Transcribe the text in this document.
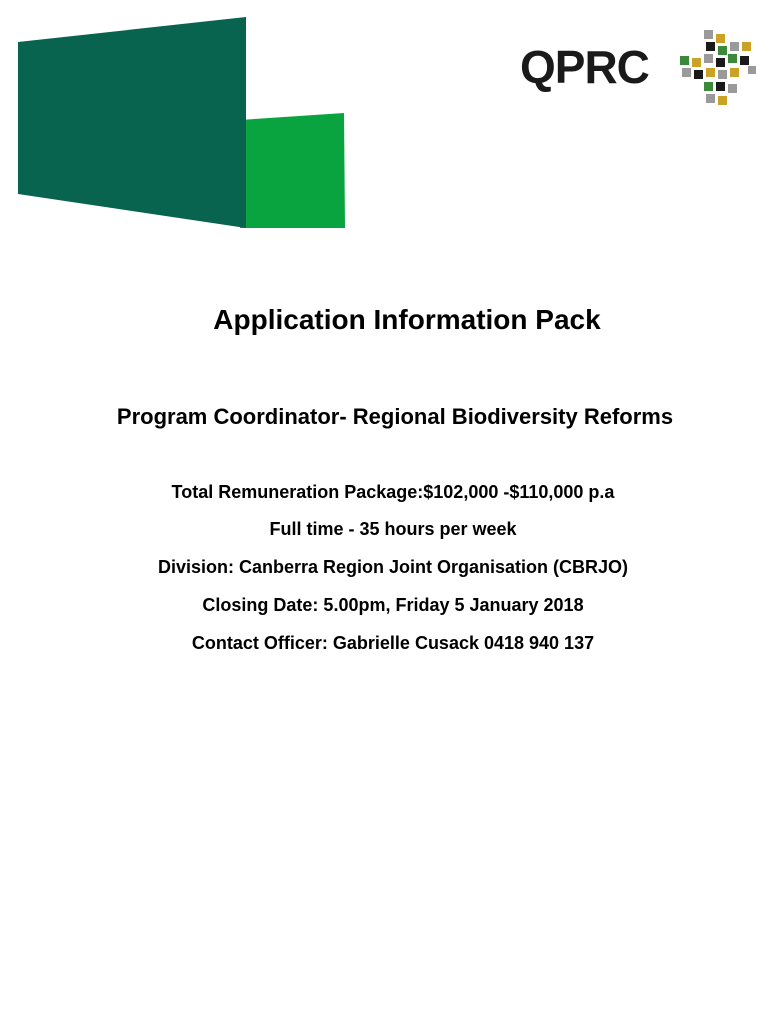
QPRC
Application Information Pack
Program Coordinator- Regional Biodiversity Reforms
Total Remuneration Package:$102,000 -$110,000 p.a
Full time - 35 hours per week
Division: Canberra Region Joint Organisation (CBRJO)
Closing Date: 5.00pm, Friday 5 January 2018
Contact Officer: Gabrielle Cusack 0418 940 137
